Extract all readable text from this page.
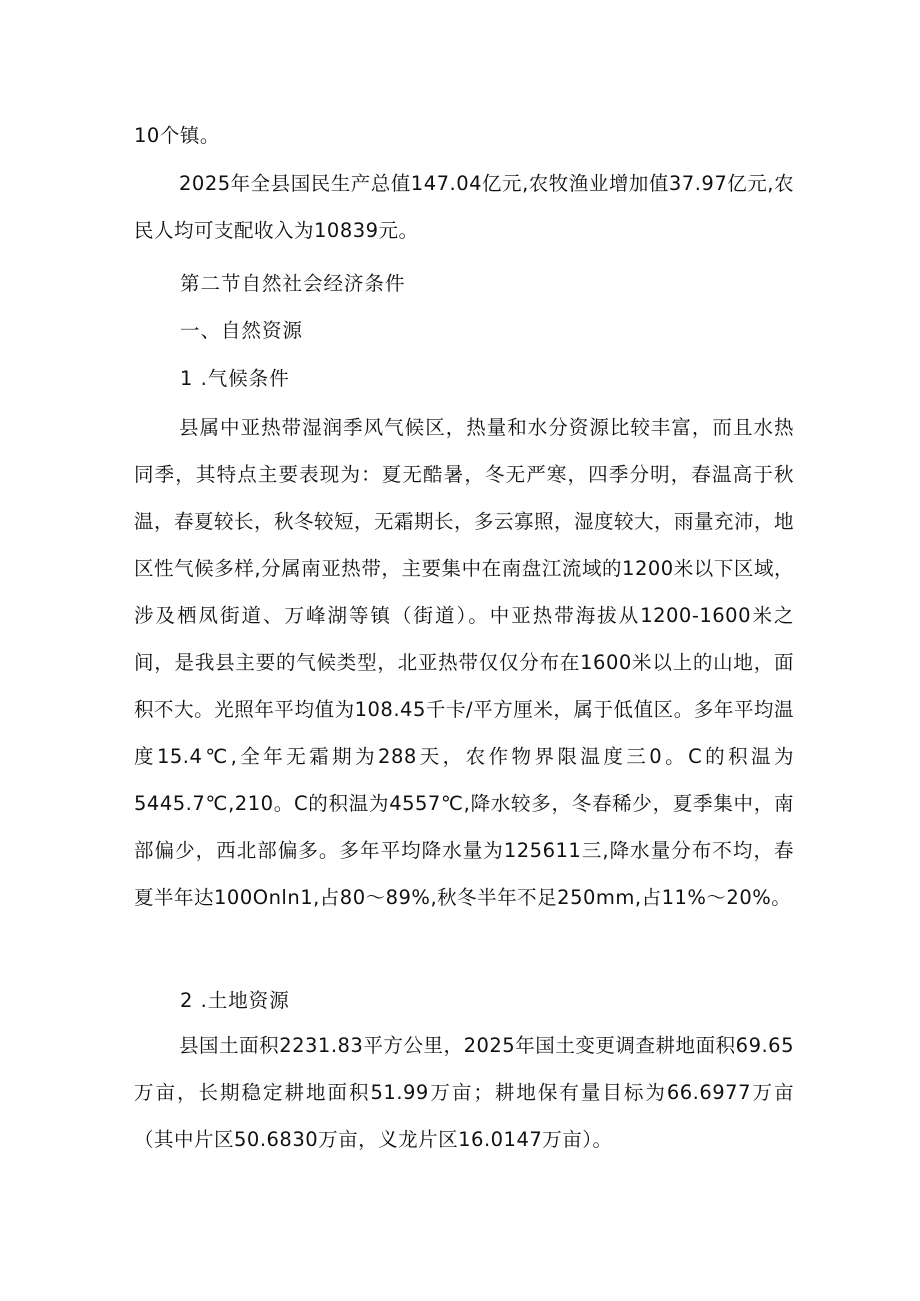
10个镇。

2025年全县国民生产总值147.04亿元,农牧渔业增加值37.97亿元,农民人均可支配收入为10839元。

第二节自然社会经济条件

一、自然资源

1 .气候条件

县属中亚热带湿润季风气候区，热量和水分资源比较丰富，而且水热同季，其特点主要表现为：夏无酷暑，冬无严寒，四季分明，春温高于秋温，春夏较长，秋冬较短，无霜期长，多云寡照，湿度较大，雨量充沛，地区性气候多样,分属南亚热带，主要集中在南盘江流域的1200米以下区域，涉及栖凤街道、万峰湖等镇（街道）。中亚热带海拔从1200-1600米之间，是我县主要的气候类型，北亚热带仅仅分布在1600米以上的山地，面积不大。光照年平均值为108.45千卡/平方厘米，属于低值区。多年平均温度15.4℃,全年无霜期为288天，农作物界限温度三0。C的积温为5445.7℃,210。C的积温为4557℃,降水较多，冬春稀少，夏季集中，南部偏少，西北部偏多。多年平均降水量为125611三,降水量分布不均，春夏半年达100Onln1,占80〜89%,秋冬半年不足250mm,占11%〜20%。

2 .土地资源

县国土面积2231.83平方公里，2025年国土变更调查耕地面积69.65万亩，长期稳定耕地面积51.99万亩；耕地保有量目标为66.6977万亩（其中片区50.6830万亩，义龙片区16.0147万亩）。
